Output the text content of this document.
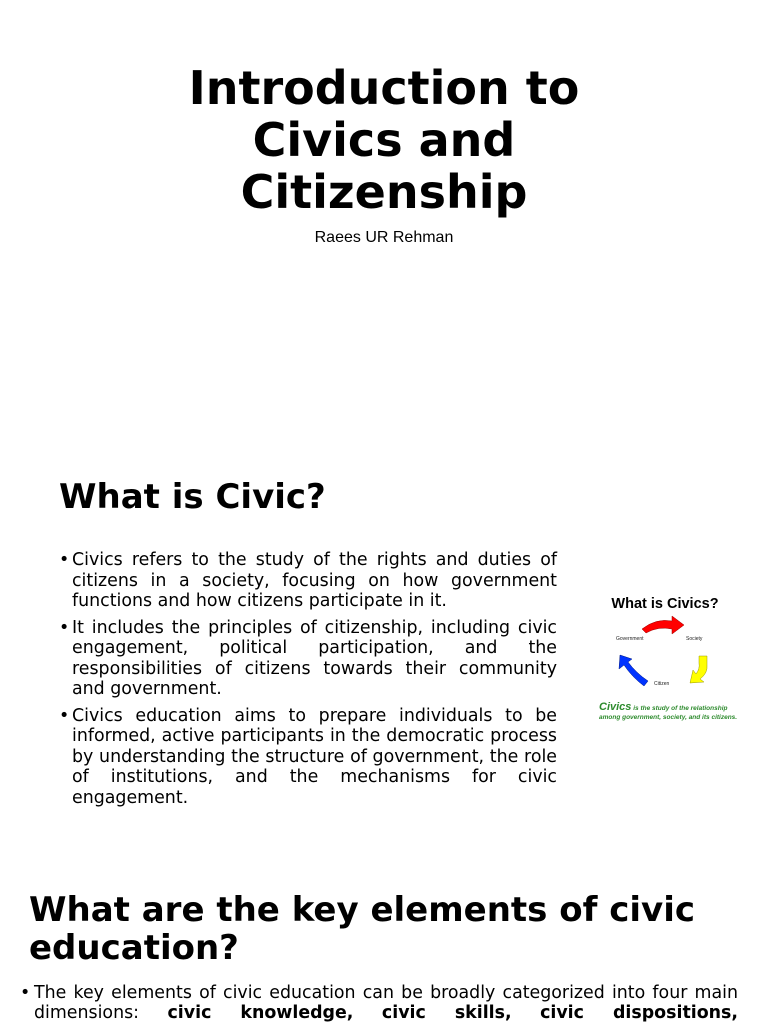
Introduction to
Civics and
Citizenship
Raees UR Rehman
What is Civic?
• Civics refers to the study of the rights and duties of citizens in a society, focusing on how government functions and how citizens participate in it.
• It includes the principles of citizenship, including civic engagement, political participation, and the responsibilities of citizens towards their community and government.
• Civics education aims to prepare individuals to be informed, active participants in the democratic process by understanding the structure of government, the role of institutions, and the mechanisms for civic engagement.
What is Civics?
Government	Society
Citizen
Civics is the study of the relationship
among government, society, and its citizens.
What are the key elements of civic education?
• The key elements of civic education can be broadly categorized into four main dimensions: civic knowledge, civic skills, civic dispositions,
